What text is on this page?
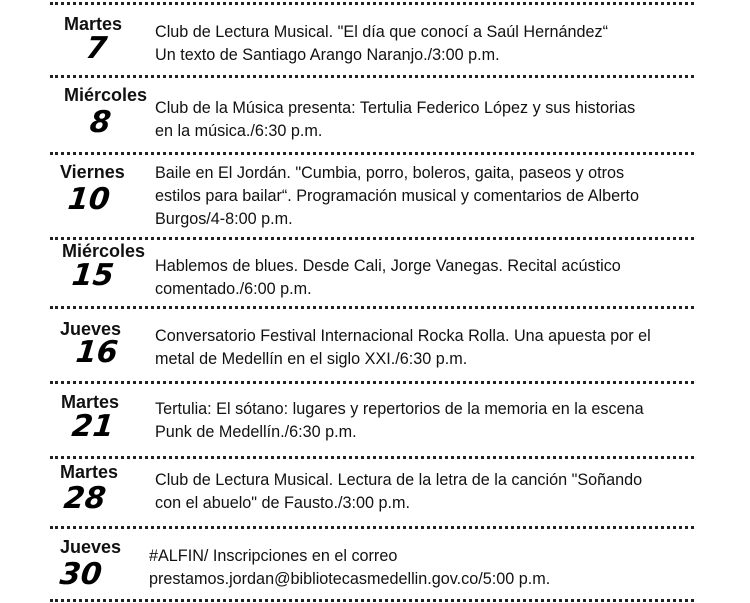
Martes
7	Club de Lectura Musical. "El día que conocí a Saúl Hernández“
Un texto de Santiago Arango Naranjo./3:00 p.m.
Miércoles
8	Club de la Música presenta: Tertulia Federico López y sus historias
en la música./6:30 p.m.
Viernes
10
Baile en El Jordán. "Cumbia, porro, boleros, gaita, paseos y otros
estilos para bailar“. Programación musical y comentarios de Alberto
Burgos/4-8:00 p.m.
Miércoles
15 Hablemos de blues. Desde Cali, Jorge Vanegas. Recital acústico
comentado./6:00 p.m.
Jueves
16 Conversatorio Festival Internacional Rocka Rolla. Una apuesta por el
metal de Medellín en el siglo XXI./6:30 p.m.
Martes
21 Tertulia: El sótano: lugares y repertorios de la memoria en la escena
Punk de Medellín./6:30 p.m.
Martes
28
Club de Lectura Musical. Lectura de la letra de la canción "Soñando
con el abuelo" de Fausto./3:00 p.m.
Jueves
30
#ALFIN/ Inscripciones en el correo
prestamos.jordan@bibliotecasmedellin.gov.co/5:00 p.m.
